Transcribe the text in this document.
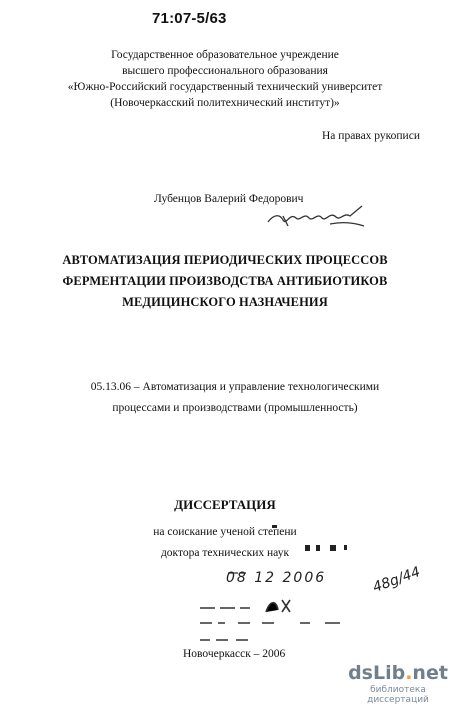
71:07-5/63
Государственное образовательное учреждение
высшего профессионального образования
«Южно-Российский государственный технический университет
(Новочеркасский политехнический институт)»
На правах рукописи
Лубенцов Валерий Федорович
АВТОМАТИЗАЦИЯ ПЕРИОДИЧЕСКИХ ПРОЦЕССОВ
ФЕРМЕНТАЦИИ ПРОИЗВОДСТВА АНТИБИОТИКОВ
МЕДИЦИНСКОГО НАЗНАЧЕНИЯ
05.13.06 – Автоматизация и управление технологическими
процессами и производствами (промышленность)
ДИССЕРТАЦИЯ
на соискание ученой степени
доктора технических наук
08 12 2006	48g/44
Новочеркасск – 2006
dsLib.net
библиотека диссертаций
